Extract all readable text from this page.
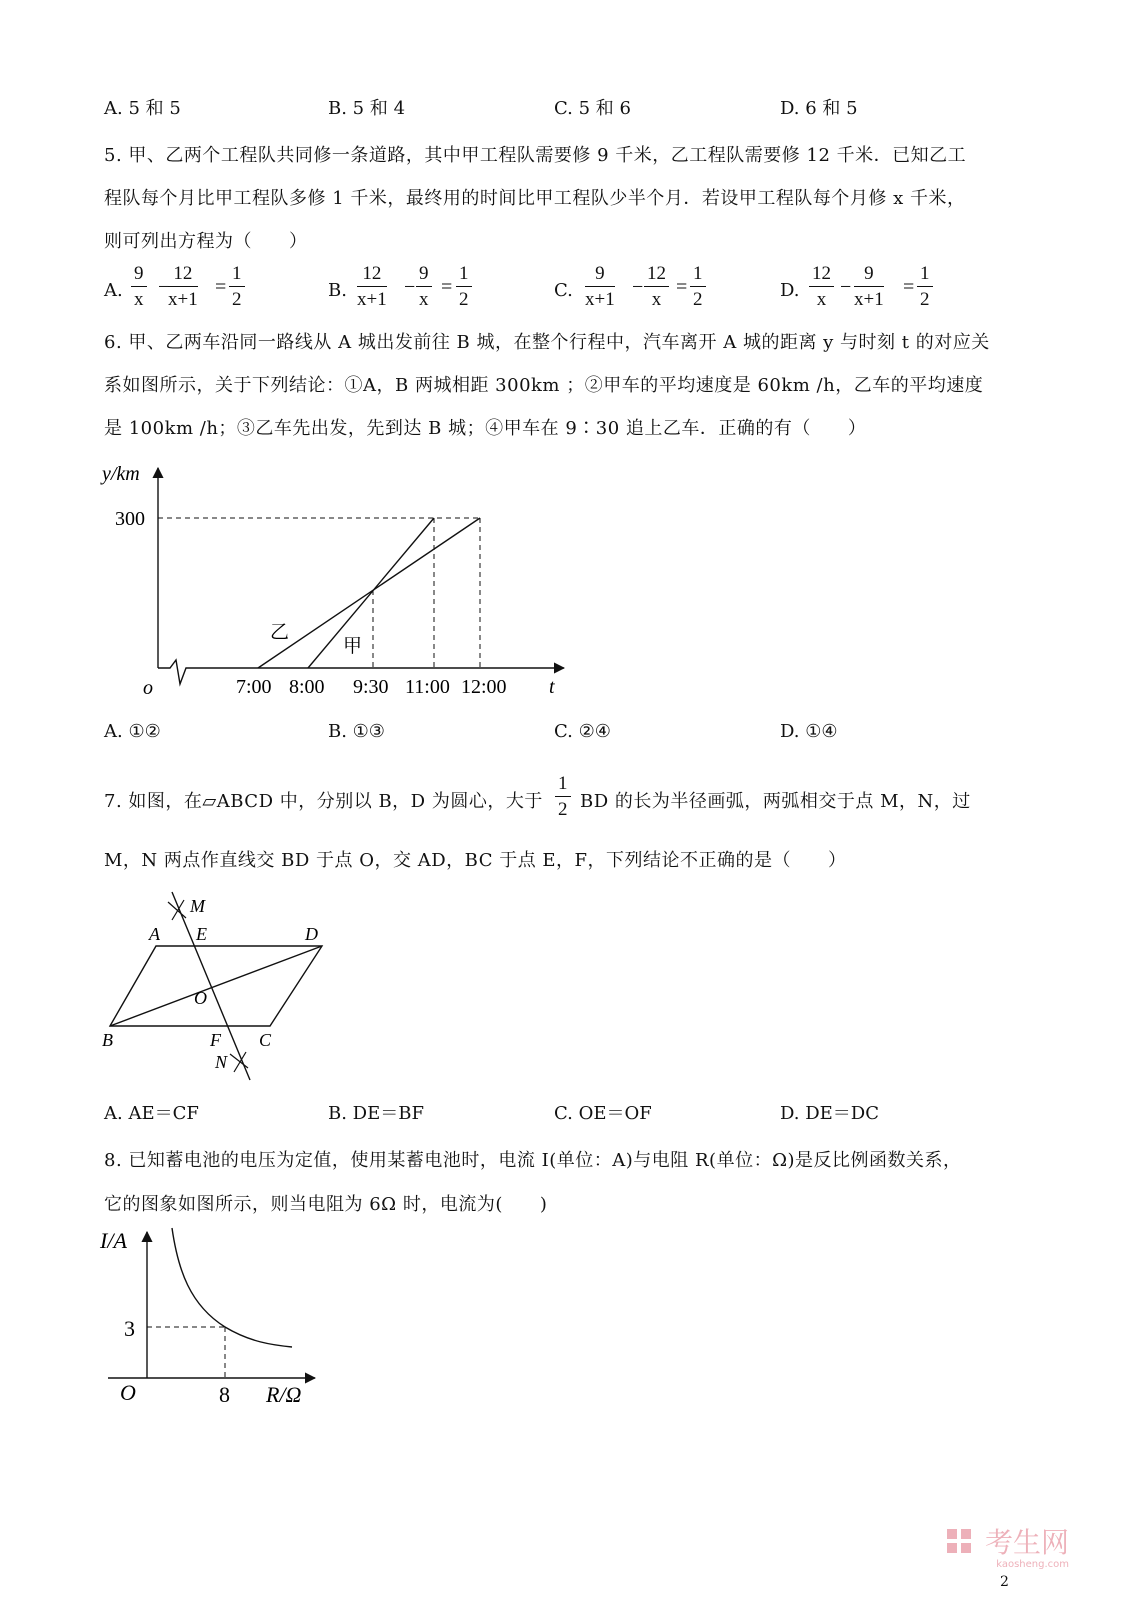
A. 5 和 5	B. 5 和 4	C. 5 和 6	D. 6 和 5
5. 甲、乙两个工程队共同修一条道路，其中甲工程队需要修 9 千米，乙工程队需要修 12 千米．已知乙工
程队每个月比甲工程队多修 1 千米，最终用的时间比甲工程队少半个月．若设甲工程队每个月修 x 千米，
则可列出方程为（　　）
A. $\frac{9}{x}$ −
$\frac{12}{x+1} = \frac{1}{2}$	B. $\frac{12}{x+1} - \frac{9}{x} = \frac{1}{2}$	C. $\frac{9}{x+1} - \frac{12}{x} = \frac{1}{2}$	D. $\frac{12}{x} - \frac{9}{x+1} = \frac{1}{2}$
6. 甲、乙两车沿同一路线从 A 城出发前往 B 城，在整个行程中，汽车离开 A 城的距离 y 与时刻 t 的对应关
系如图所示，关于下列结论：①A，B 两城相距 300km ；②甲车的平均速度是 60km /h，乙车的平均速度
是 100km /h；③乙车先出发，先到达 B 城；④甲车在 9∶30 追上乙车．正确的有（　　）
y/km
300
o	t
7:00 8:00 9:30 11:00 12:00
乙
甲
A. ①②	B. ①③	C. ②④	D. ①④
7. 如图，在▱ABCD 中，分别以 B，D 为圆心，大于 $\frac{1}{2}$ BD 的长为半径画弧，两弧相交于点 M，N，过
M，N 两点作直线交 BD 于点 O，交 AD，BC 于点 E，F，下列结论不正确的是（　　）
M
A E	D
O
B	F C
N
A. AE＝CF	B. DE＝BF	C. OE＝OF	D. DE＝DC
8. 已知蓄电池的电压为定值，使用某蓄电池时，电流 I(单位：A)与电阻 R(单位：Ω)是反比例函数关系，
它的图象如图所示，则当电阻为 6Ω 时，电流为(　　)
I/A
3
O	8 R/Ω
考生网
kaosheng.com
2
